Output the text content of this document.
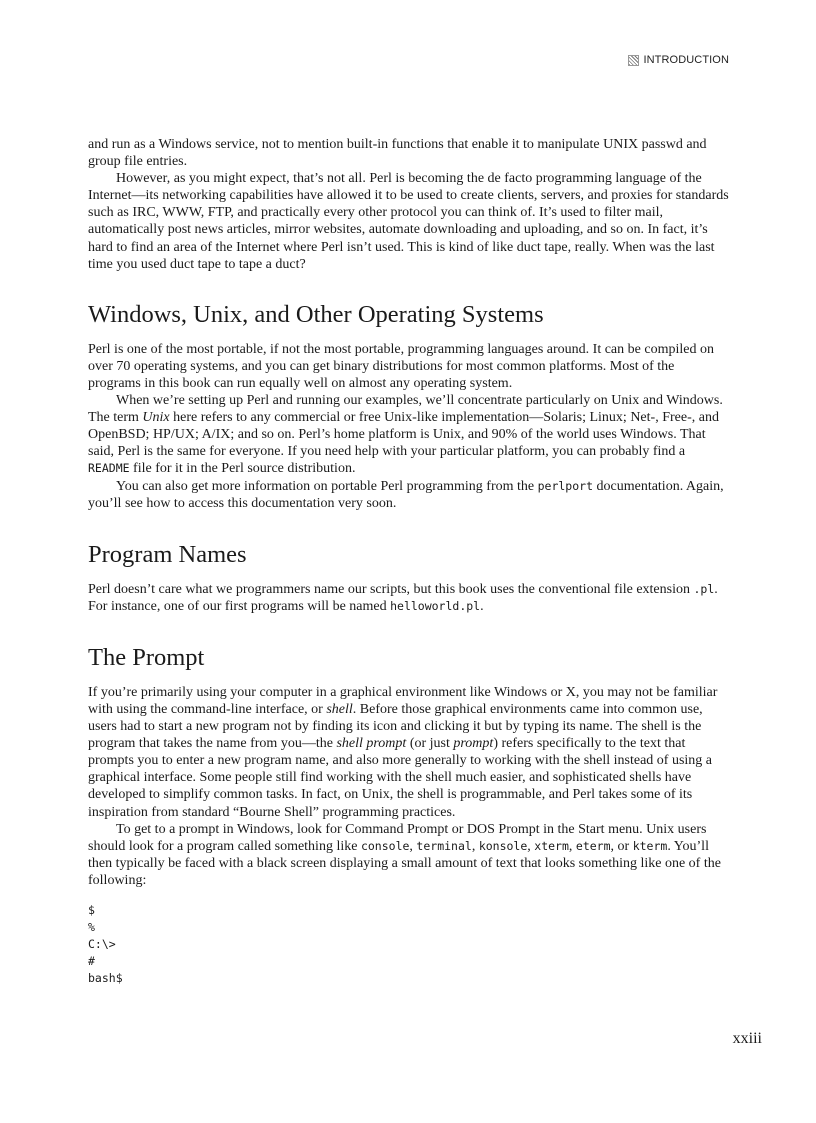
INTRODUCTION

and run as a Windows service, not to mention built-in functions that enable it to manipulate UNIX passwd and group file entries.

However, as you might expect, that’s not all. Perl is becoming the de facto programming language of the Internet—its networking capabilities have allowed it to be used to create clients, servers, and proxies for standards such as IRC, WWW, FTP, and practically every other protocol you can think of. It’s used to filter mail, automatically post news articles, mirror websites, automate downloading and uploading, and so on. In fact, it’s hard to find an area of the Internet where Perl isn’t used. This is kind of like duct tape, really. When was the last time you used duct tape to tape a duct?

Windows, Unix, and Other Operating Systems

Perl is one of the most portable, if not the most portable, programming languages around. It can be compiled on over 70 operating systems, and you can get binary distributions for most common platforms. Most of the programs in this book can run equally well on almost any operating system.

When we’re setting up Perl and running our examples, we’ll concentrate particularly on Unix and Windows. The term Unix here refers to any commercial or free Unix-like implementation—Solaris; Linux; Net-, Free-, and OpenBSD; HP/UX; A/IX; and so on. Perl’s home platform is Unix, and 90% of the world uses Windows. That said, Perl is the same for everyone. If you need help with your particular platform, you can probably find a README file for it in the Perl source distribution.

You can also get more information on portable Perl programming from the perlport documentation. Again, you’ll see how to access this documentation very soon.

Program Names

Perl doesn’t care what we programmers name our scripts, but this book uses the conventional file extension .pl. For instance, one of our first programs will be named helloworld.pl.

The Prompt

If you’re primarily using your computer in a graphical environment like Windows or X, you may not be familiar with using the command-line interface, or shell. Before those graphical environments came into common use, users had to start a new program not by finding its icon and clicking it but by typing its name. The shell is the program that takes the name from you—the shell prompt (or just prompt) refers specifically to the text that prompts you to enter a new program name, and also more generally to working with the shell instead of using a graphical interface. Some people still find working with the shell much easier, and sophisticated shells have developed to simplify common tasks. In fact, on Unix, the shell is programmable, and Perl takes some of its inspiration from standard “Bourne Shell” programming practices.

To get to a prompt in Windows, look for Command Prompt or DOS Prompt in the Start menu. Unix users should look for a program called something like console, terminal, konsole, xterm, eterm, or kterm. You’ll then typically be faced with a black screen displaying a small amount of text that looks something like one of the following:

$
%
C:\>
#
bash$
xxiii
